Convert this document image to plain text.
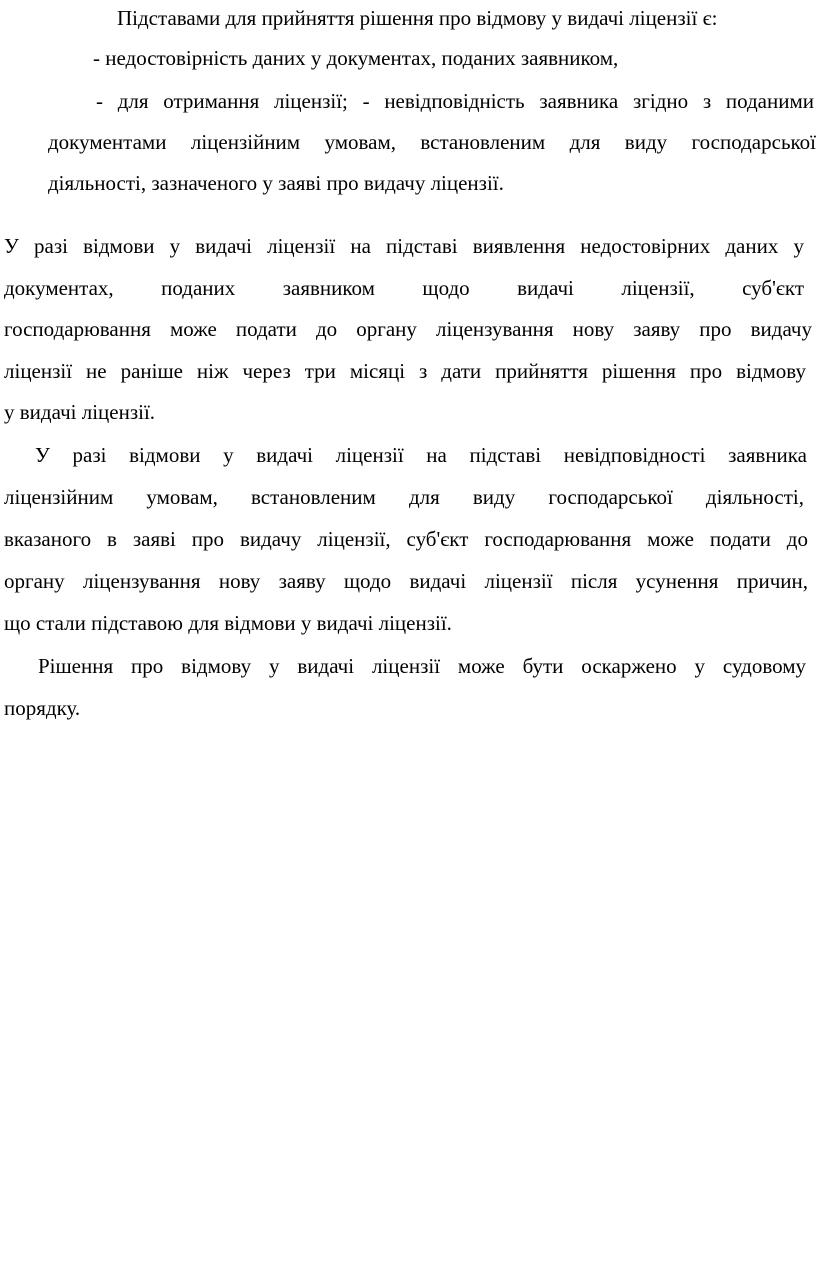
Підставами для прийняття рішення про відмову у видачі ліцензії є:

- недостовірність даних у документах, поданих заявником,

- для отримання ліцензії; - невідповідність заявника згідно з поданими

документами ліцензійним умовам, встановленим для виду господарської

діяльності, зазначеного у заяві про видачу ліцензії.

У разі відмови у видачі ліцензії на підставі виявлення недостовірних даних у

документах, поданих заявником щодо видачі ліцензії, суб'єкт

господарювання може подати до органу ліцензування нову заяву про видачу

ліцензії не раніше ніж через три місяці з дати прийняття рішення про відмову

у видачі ліцензії.

У разі відмови у видачі ліцензії на підставі невідповідності заявника

ліцензійним умовам, встановленим для виду господарської діяльності,

вказаного в заяві про видачу ліцензії, суб'єкт господарювання може подати до

органу ліцензування нову заяву щодо видачі ліцензії після усунення причин,

що стали підставою для відмови у видачі ліцензії.

Рішення про відмову у видачі ліцензії може бути оскаржено у судовому

порядку.
